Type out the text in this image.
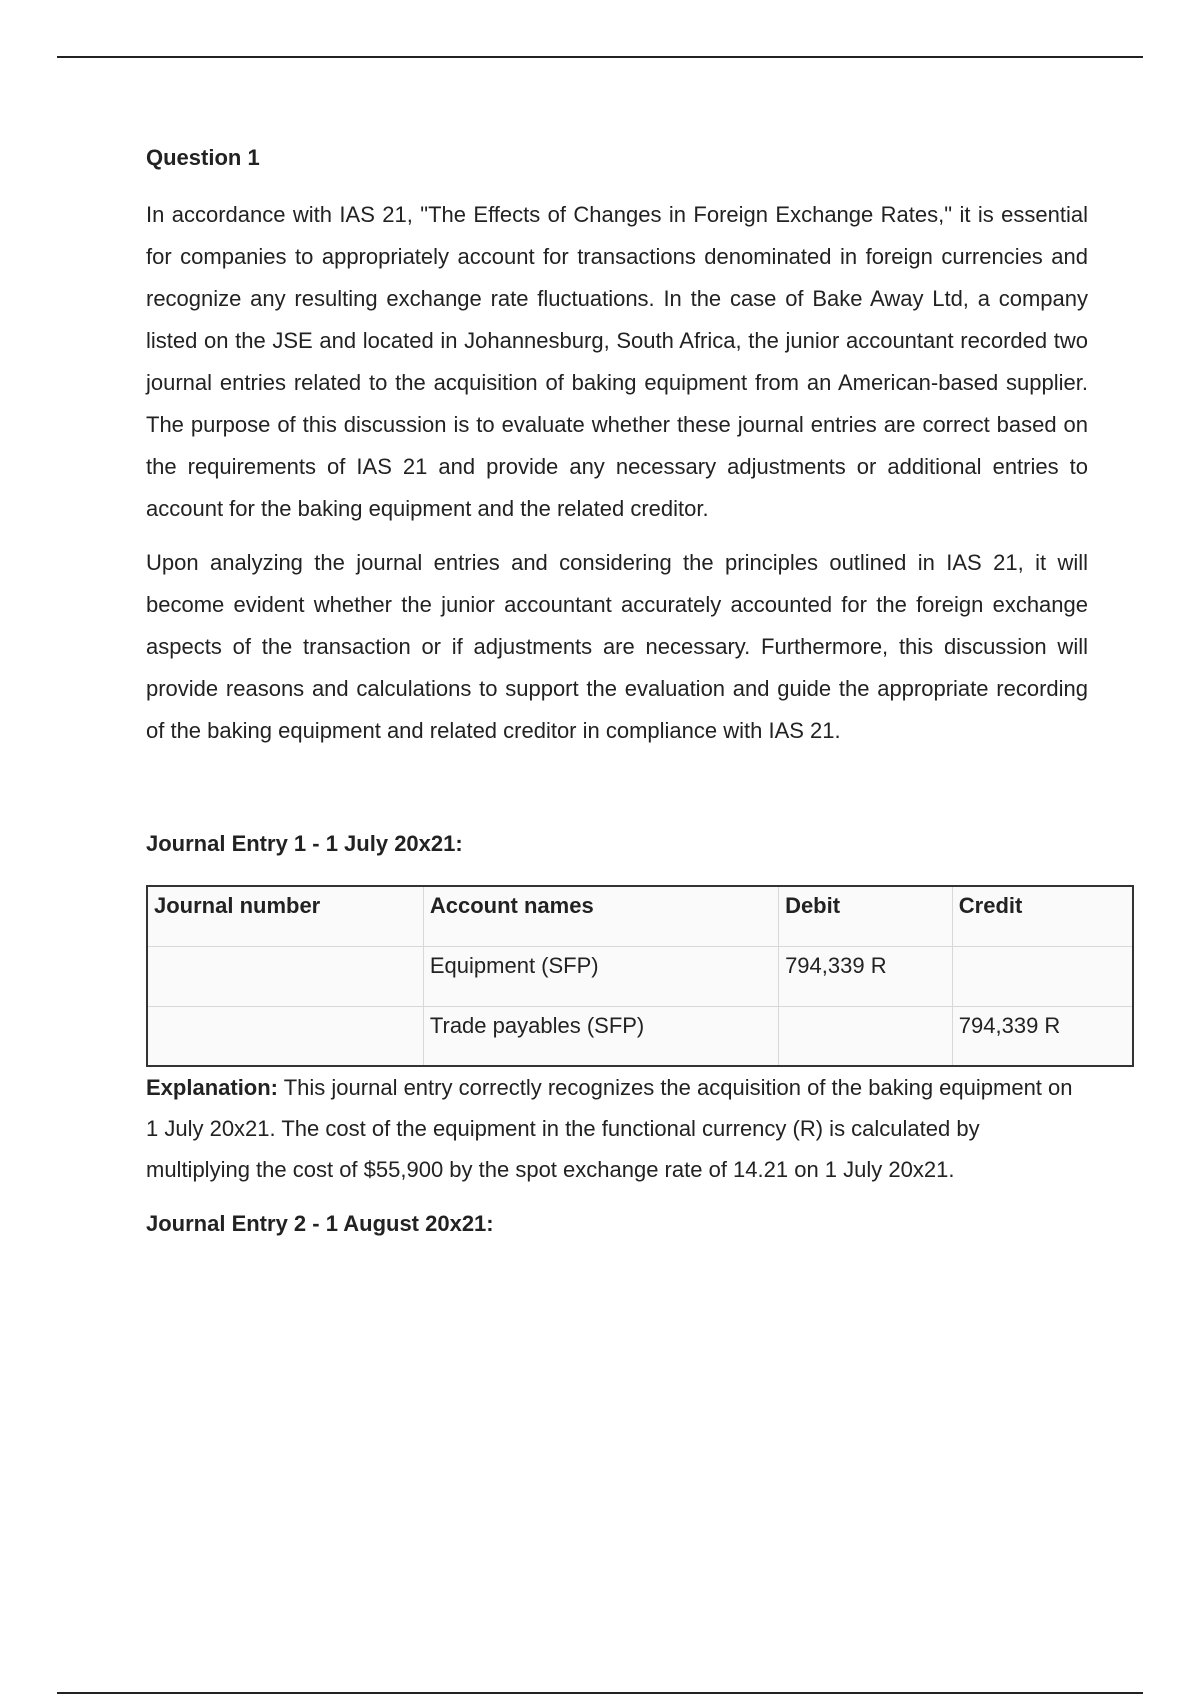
Question 1

In accordance with IAS 21, "The Effects of Changes in Foreign Exchange Rates," it is essential for companies to appropriately account for transactions denominated in foreign currencies and recognize any resulting exchange rate fluctuations. In the case of Bake Away Ltd, a company listed on the JSE and located in Johannesburg, South Africa, the junior accountant recorded two journal entries related to the acquisition of baking equipment from an American-based supplier. The purpose of this discussion is to evaluate whether these journal entries are correct based on the requirements of IAS 21 and provide any necessary adjustments or additional entries to account for the baking equipment and the related creditor.

Upon analyzing the journal entries and considering the principles outlined in IAS 21, it will become evident whether the junior accountant accurately accounted for the foreign exchange aspects of the transaction or if adjustments are necessary. Furthermore, this discussion will provide reasons and calculations to support the evaluation and guide the appropriate recording of the baking equipment and related creditor in compliance with IAS 21.

Journal Entry 1 - 1 July 20x21:
Journal number	Account names	Debit	Credit
	Equipment (SFP)	794,339 R	
	Trade payables (SFP)		794,339 R

Explanation: This journal entry correctly recognizes the acquisition of the baking equipment on 1 July 20x21. The cost of the equipment in the functional currency (R) is calculated by multiplying the cost of $55,900 by the spot exchange rate of 14.21 on 1 July 20x21.

Journal Entry 2 - 1 August 20x21:
